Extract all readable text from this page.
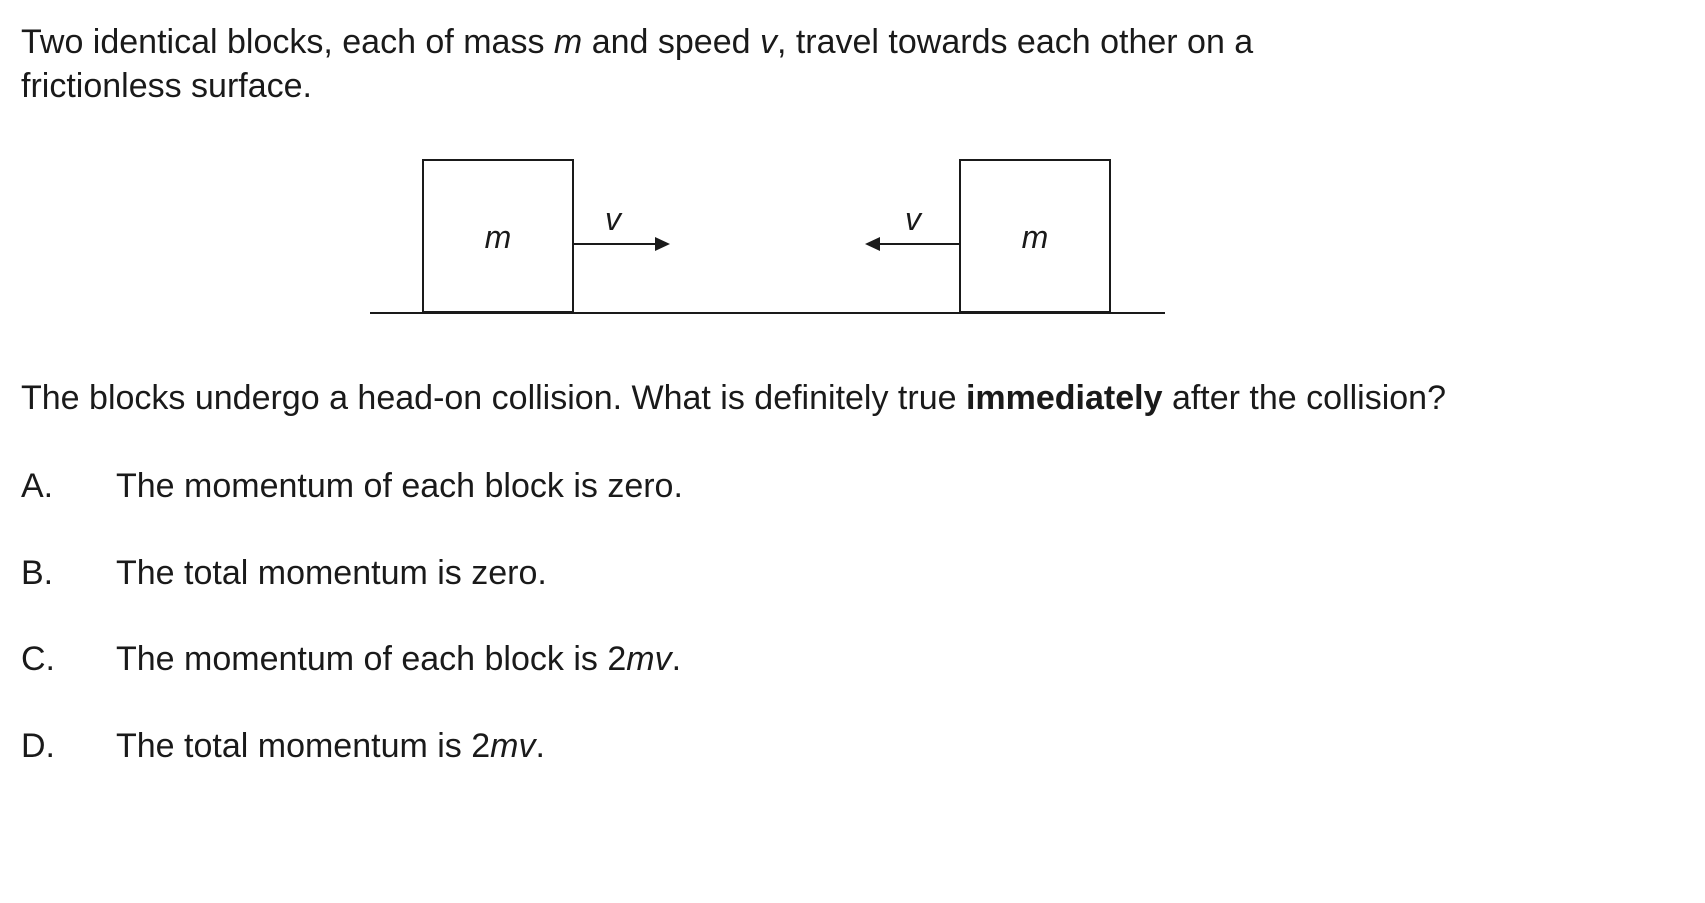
Two identical blocks, each of mass m and speed v, travel towards each other on a frictionless surface.

m	m
v	v

The blocks undergo a head-on collision. What is definitely true immediately after the collision?

A. The momentum of each block is zero.
B. The total momentum is zero.
C. The momentum of each block is 2mv.
D. The total momentum is 2mv.
